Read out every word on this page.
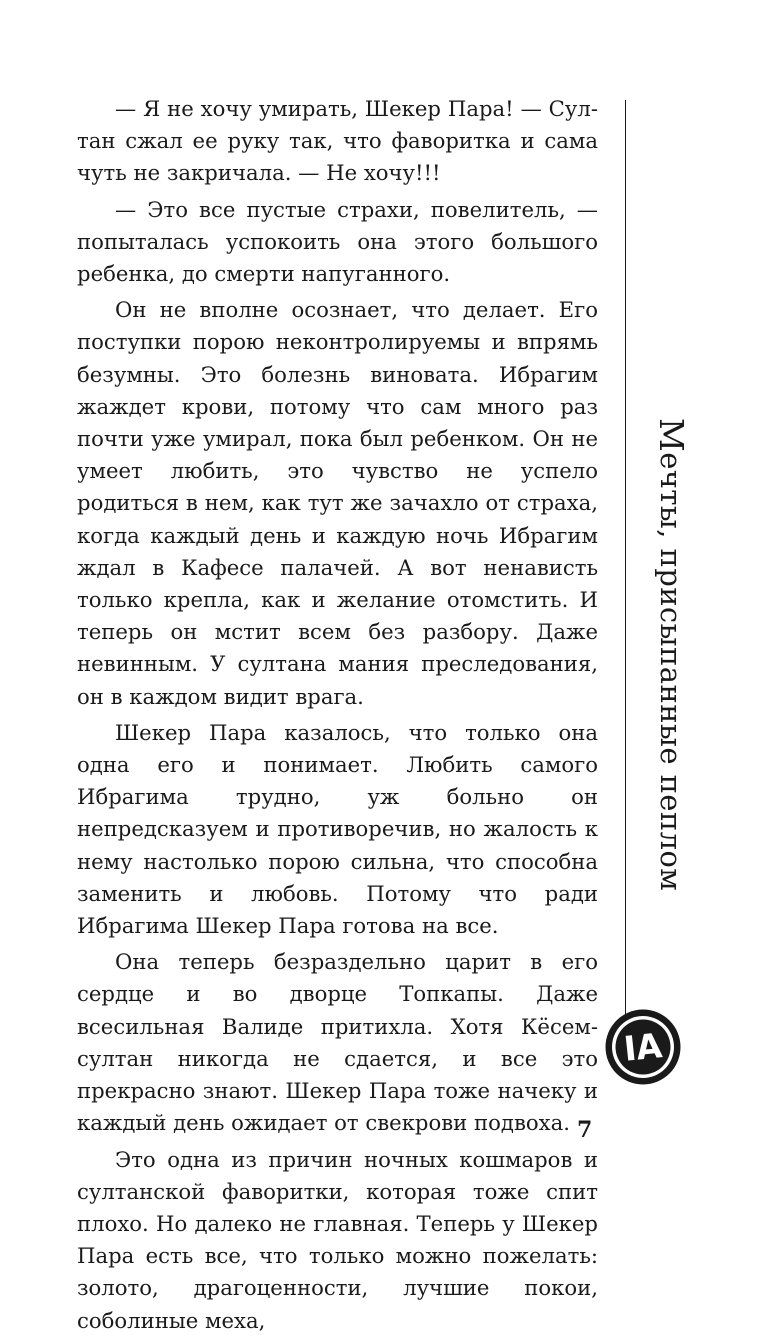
— Я не хочу умирать, Шекер Пара! — Султан сжал ее руку так, что фаворитка и сама чуть не закричала. — Не хочу!!!

— Это все пустые страхи, повелитель, — попыталась успокоить она этого большого ребенка, до смерти напуганного.

Он не вполне осознает, что делает. Его поступки порою неконтролируемы и впрямь безумны. Это болезнь виновата. Ибрагим жаждет крови, потому что сам много раз почти уже умирал, пока был ребенком. Он не умеет любить, это чувство не успело родиться в нем, как тут же зачахло от страха, когда каждый день и каждую ночь Ибрагим ждал в Кафесе палачей. А вот ненависть только крепла, как и желание отомстить. И теперь он мстит всем без разбору. Даже невинным. У султана мания преследования, он в каждом видит врага.

Шекер Пара казалось, что только она одна его и понимает. Любить самого Ибрагима трудно, уж больно он непредсказуем и противоречив, но жалость к нему настолько порою сильна, что способна заменить и любовь. Потому что ради Ибрагима Шекер Пара готова на все.

Она теперь безраздельно царит в его сердце и во дворце Топкапы. Даже всесильная Валиде притихла. Хотя Кёсем-султан никогда не сдается, и все это прекрасно знают. Шекер Пара тоже начеку и каждый день ожидает от свекрови подвоха.

Это одна из причин ночных кошмаров и султанской фаворитки, которая тоже спит плохо. Но далеко не главная. Теперь у Шекер Пара есть все, что только можно пожелать: золото, драгоценности, лучшие покои, соболиные меха,

Мечты, присыпанные пеплом
IA
7
